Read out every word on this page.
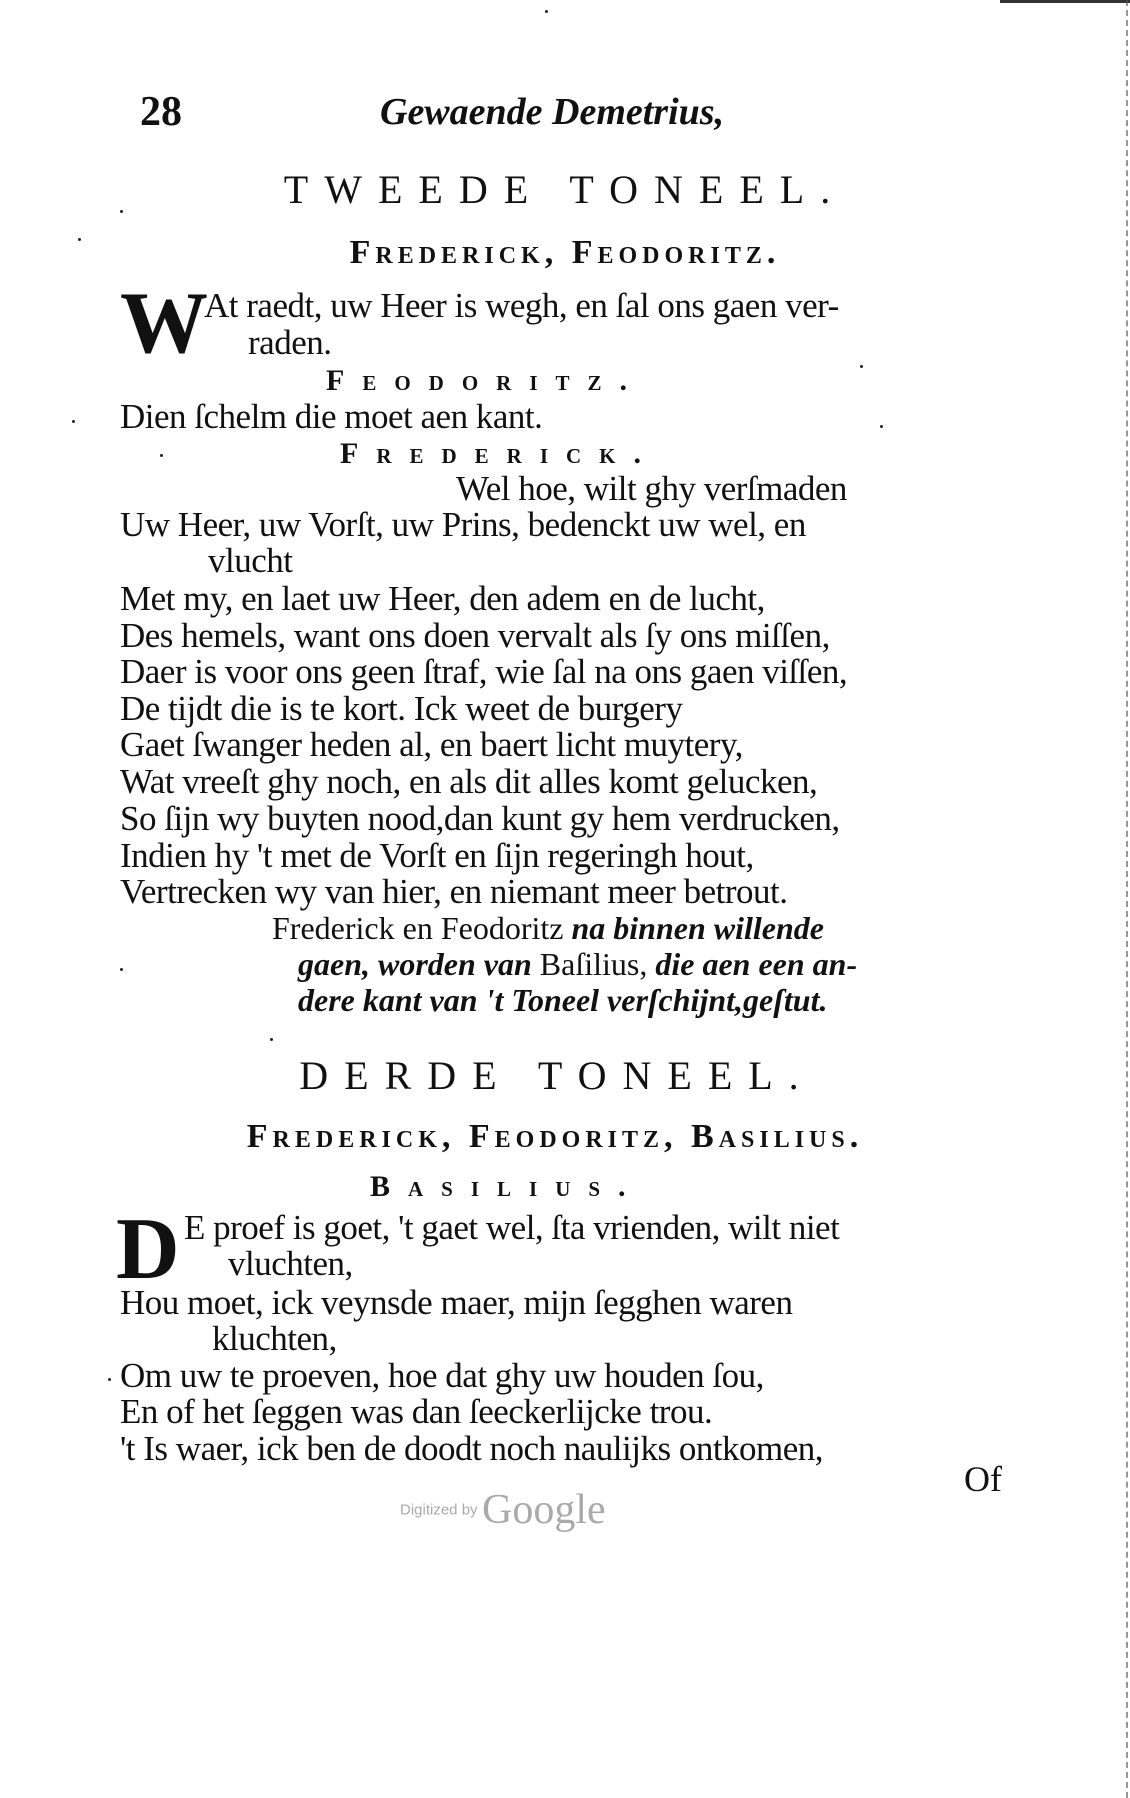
28	Gewaende Demetrius,
TWEEDE TONEEL.
Frederick, Feodoritz.
W
At raedt, uw Heer is wegh, en ſal ons gaen ver-
raden.
Feodoritz.
Dien ſchelm die moet aen kant.
Frederick.
Wel hoe, wilt ghy verſmaden
Uw Heer, uw Vorſt, uw Prins, bedenckt uw wel, en
vlucht
Met my, en laet uw Heer, den adem en de lucht,
Des hemels, want ons doen vervalt als ſy ons miſſen,
Daer is voor ons geen ſtraf, wie ſal na ons gaen viſſen,
De tijdt die is te kort. Ick weet de burgery
Gaet ſwanger heden al, en baert licht muytery,
Wat vreeſt ghy noch, en als dit alles komt gelucken,
So ſijn wy buyten nood,dan kunt gy hem verdrucken,
Indien hy 't met de Vorſt en ſijn regeringh hout,
Vertrecken wy van hier, en niemant meer betrout.
Frederick en Feodoritz na binnen willende
gaen, worden van Baſilius, die aen een an-
dere kant van 't Toneel verſchijnt,geſtut.
DERDE TONEEL.
Frederick, Feodoritz, Basilius.
Basilius.
D E proef is goet, 't gaet wel, ſta vrienden, wilt niet
vluchten,
Hou moet, ick veynsde maer, mijn ſegghen waren
kluchten,
Om uw te proeven, hoe dat ghy uw houden ſou,
En of het ſeggen was dan ſeeckerlijcke trou.
't Is waer, ick ben de doodt noch naulijks ontkomen,
Of
Digitized by Google
